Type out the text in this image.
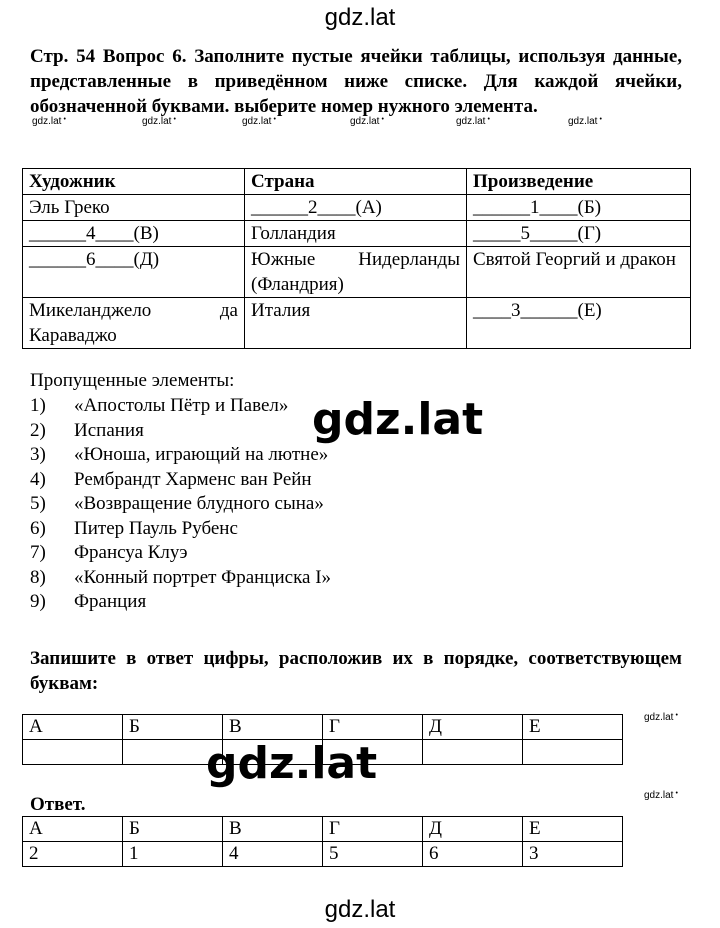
gdz.lat
Стр. 54 Вопрос 6. Заполните пустые ячейки таблицы, используя данные, представленные в приведённом ниже списке. Для каждой ячейки, обозначенной буквами. выберите номер нужного элемента.
gdz.lat •	gdz.lat •	gdz.lat •	gdz.lat •	gdz.lat •	gdz.lat •
Художник	Страна	Произведение
Эль Греко	______2____(А)	______1____(Б)
______4____(В)	Голландия	_____5_____(Г)
______6____(Д)	Южные Нидерланды (Фландрия)	Святой Георгий и дракон
Микеланджело да Караваджо	Италия	____3______(Е)
Пропущенные элементы:
1)	«Апостолы Пётр и Павел»
2)	Испания
3)	«Юноша, играющий на лютне»
4)	Рембрандт Харменс ван Рейн
5)	«Возвращение блудного сына»
6)	Питер Пауль Рубенс
7)	Франсуа Клуэ
8)	«Конный портрет Франциска I»
9)	Франция
gdz.lat
Запишите в ответ цифры, расположив их в порядке, соответствующем буквам:
А	Б	В	Г	Д	Е
						gdz.lat •
gdz.lat
Ответ.	gdz.lat •
А	Б	В	Г	Д	Е
2	1	4	5	6	3
gdz.lat
